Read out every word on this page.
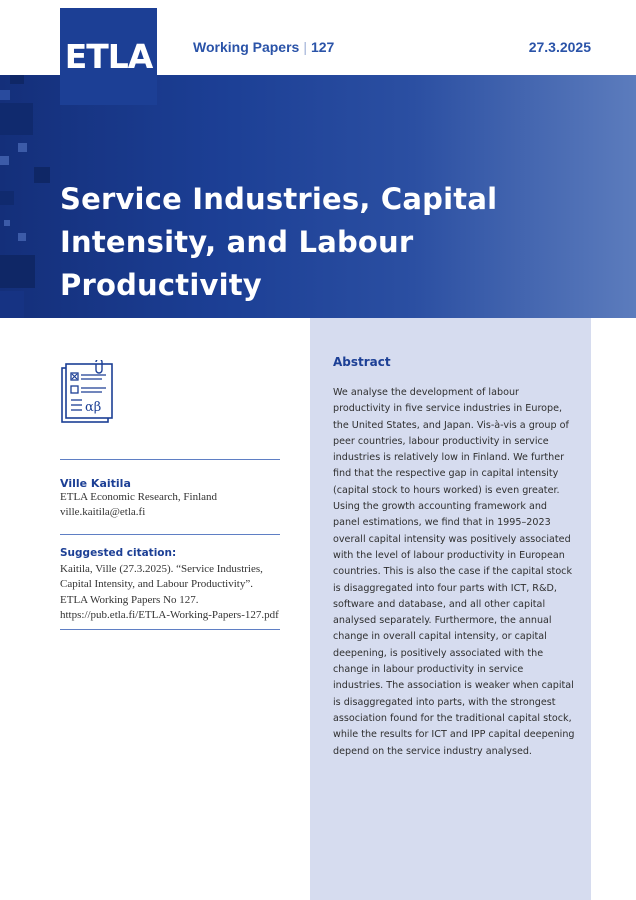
ETLA	Working Papers | 127	27.3.2025
Service Industries, Capital Intensity, and Labour Productivity
Abstract

We analyse the development of labour productivity in five service industries in Europe, the United States, and Japan. Vis-à-vis a group of peer countries, labour productivity in service industries is relatively low in Finland. We further find that the respective gap in capital intensity (capital stock to hours worked) is even greater. Using the growth accounting framework and panel estimations, we find that in 1995–2023 overall capital intensity was positively associated with the level of labour productivity in European countries. This is also the case if the capital stock is disaggregated into four parts with ICT, R&D, software and database, and all other capital analysed separately. Furthermore, the annual change in overall capital intensity, or capital deepening, is positively associated with the change in labour productivity in service industries. The association is weaker when capital is disaggregated into parts, with the strongest association found for the traditional capital stock, while the results for ICT and IPP capital deepening depend on the service industry analysed.

αβ
Ville Kaitila
ETLA Economic Research, Finland
ville.kaitila@etla.fi
Suggested citation:

Kaitila, Ville (27.3.2025). “Service Industries,
Capital Intensity, and Labour Productivity”.
ETLA Working Papers No 127.
https://pub.etla.fi/ETLA-Working-Papers-127.pdf
